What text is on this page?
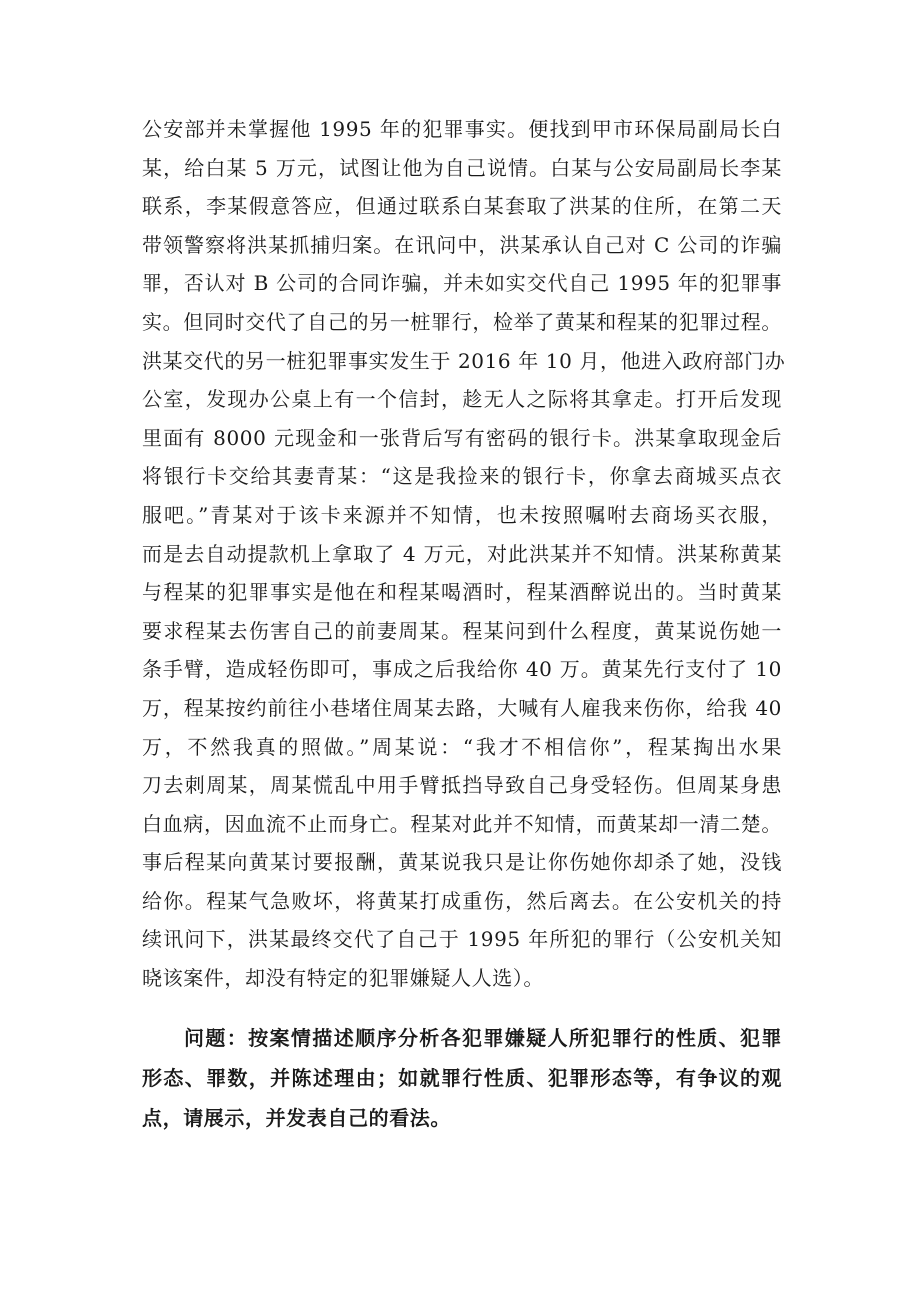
公安部并未掌握他 1995 年的犯罪事实。便找到甲市环保局副局长白
某，给白某 5 万元，试图让他为自己说情。白某与公安局副局长李某
联系，李某假意答应，但通过联系白某套取了洪某的住所，在第二天
带领警察将洪某抓捕归案。在讯问中，洪某承认自己对 C 公司的诈骗
罪，否认对 B 公司的合同诈骗，并未如实交代自己 1995 年的犯罪事
实。但同时交代了自己的另一桩罪行，检举了黄某和程某的犯罪过程。
洪某交代的另一桩犯罪事实发生于 2016 年 10 月，他进入政府部门办
公室，发现办公桌上有一个信封，趁无人之际将其拿走。打开后发现
里面有 8000 元现金和一张背后写有密码的银行卡。洪某拿取现金后
将银行卡交给其妻青某：“这是我捡来的银行卡，你拿去商城买点衣
服吧。”青某对于该卡来源并不知情，也未按照嘱咐去商场买衣服，
而是去自动提款机上拿取了 4 万元，对此洪某并不知情。洪某称黄某
与程某的犯罪事实是他在和程某喝酒时，程某酒醉说出的。当时黄某
要求程某去伤害自己的前妻周某。程某问到什么程度，黄某说伤她一
条手臂，造成轻伤即可，事成之后我给你 40 万。黄某先行支付了 10
万，程某按约前往小巷堵住周某去路，大喊有人雇我来伤你，给我 40
万，不然我真的照做。”周某说：“我才不相信你”，程某掏出水果
刀去刺周某，周某慌乱中用手臂抵挡导致自己身受轻伤。但周某身患
白血病，因血流不止而身亡。程某对此并不知情，而黄某却一清二楚。
事后程某向黄某讨要报酬，黄某说我只是让你伤她你却杀了她，没钱
给你。程某气急败坏，将黄某打成重伤，然后离去。在公安机关的持
续讯问下，洪某最终交代了自己于 1995 年所犯的罪行（公安机关知
晓该案件，却没有特定的犯罪嫌疑人人选）。
问题：按案情描述顺序分析各犯罪嫌疑人所犯罪行的性质、犯罪
形态、罪数，并陈述理由；如就罪行性质、犯罪形态等，有争议的观
点，请展示，并发表自己的看法。
